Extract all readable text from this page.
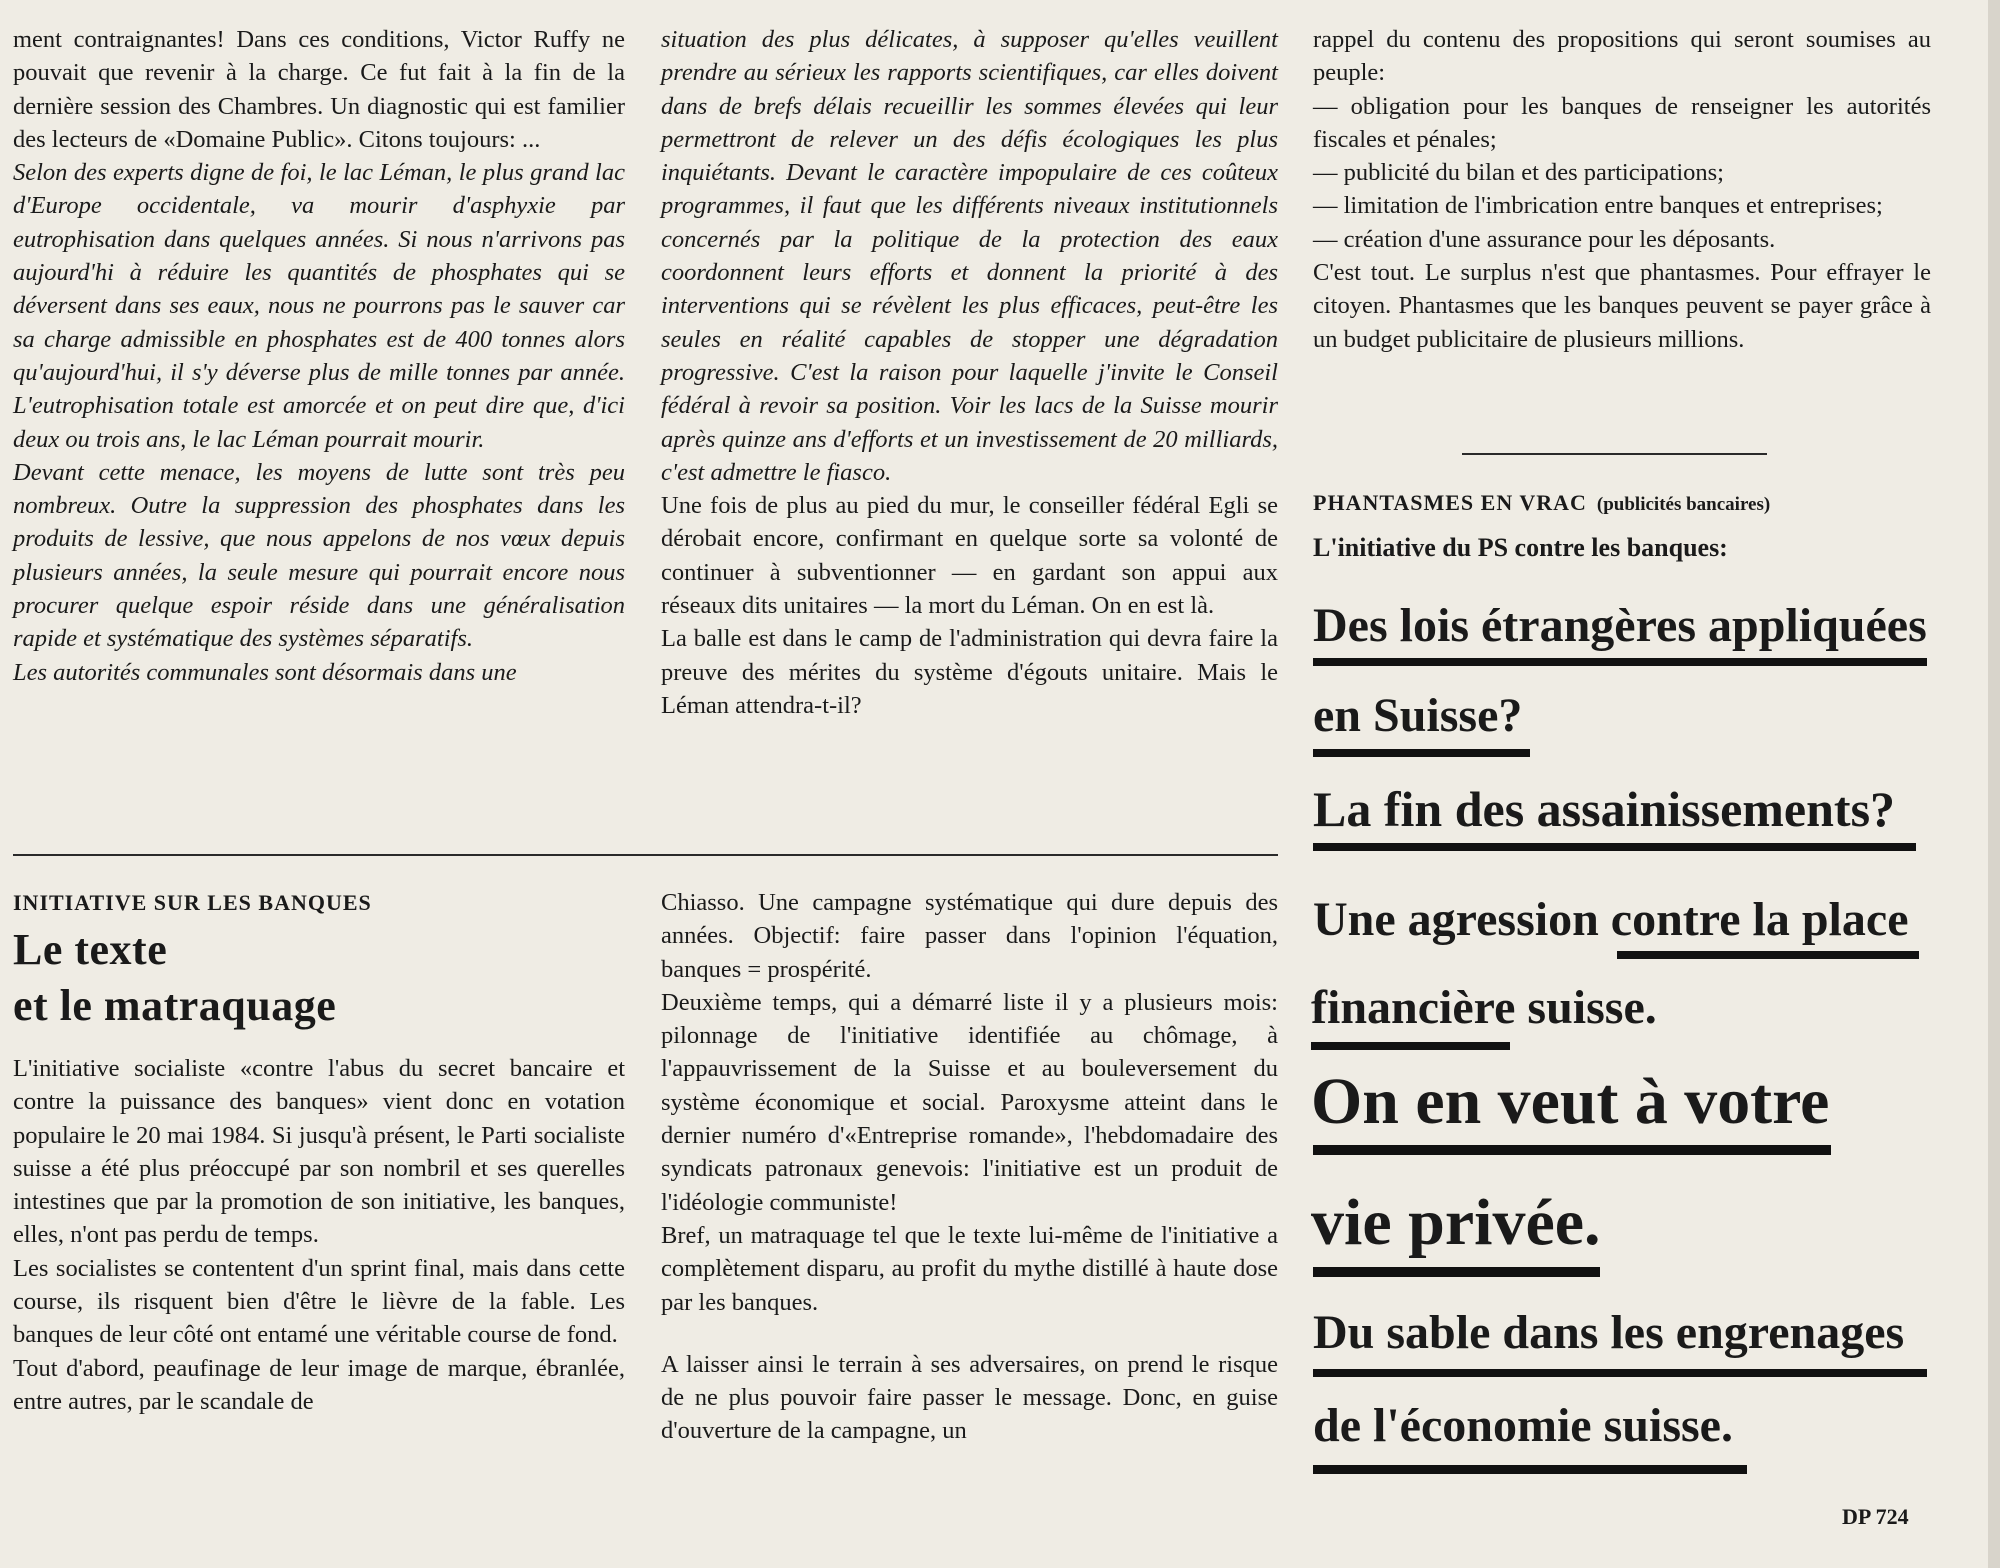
ment contraignantes! Dans ces conditions, Victor Ruffy ne pouvait que revenir à la charge. Ce fut fait à la fin de la dernière session des Chambres. Un diagnostic qui est familier des lecteurs de «Domaine Public». Citons toujours: ...

Selon des experts digne de foi, le lac Léman, le plus grand lac d'Europe occidentale, va mourir d'asphyxie par eutrophisation dans quelques années. Si nous n'arrivons pas aujourd'hi à réduire les quantités de phosphates qui se déversent dans ses eaux, nous ne pourrons pas le sauver car sa charge admissible en phosphates est de 400 tonnes alors qu'aujourd'hui, il s'y déverse plus de mille tonnes par année. L'eutrophisation totale est amorcée et on peut dire que, d'ici deux ou trois ans, le lac Léman pourrait mourir.

Devant cette menace, les moyens de lutte sont très peu nombreux. Outre la suppression des phosphates dans les produits de lessive, que nous appelons de nos vœux depuis plusieurs années, la seule mesure qui pourrait encore nous procurer quelque espoir réside dans une généralisation rapide et systématique des systèmes séparatifs.

Les autorités communales sont désormais dans une

situation des plus délicates, à supposer qu'elles veuillent prendre au sérieux les rapports scientifiques, car elles doivent dans de brefs délais recueillir les sommes élevées qui leur permettront de relever un des défis écologiques les plus inquiétants. Devant le caractère impopulaire de ces coûteux programmes, il faut que les différents niveaux institutionnels concernés par la politique de la protection des eaux coordonnent leurs efforts et donnent la priorité à des interventions qui se révèlent les plus efficaces, peut-être les seules en réalité capables de stopper une dégradation progressive. C'est la raison pour laquelle j'invite le Conseil fédéral à revoir sa position. Voir les lacs de la Suisse mourir après quinze ans d'efforts et un investissement de 20 milliards, c'est admettre le fiasco.

Une fois de plus au pied du mur, le conseiller fédéral Egli se dérobait encore, confirmant en quelque sorte sa volonté de continuer à subventionner — en gardant son appui aux réseaux dits unitaires — la mort du Léman. On en est là.

La balle est dans le camp de l'administration qui devra faire la preuve des mérites du système d'égouts unitaire. Mais le Léman attendra-t-il?

rappel du contenu des propositions qui seront soumises au peuple:

— obligation pour les banques de renseigner les autorités fiscales et pénales;

— publicité du bilan et des participations;

— limitation de l'imbrication entre banques et entreprises;

— création d'une assurance pour les déposants.

C'est tout. Le surplus n'est que phantasmes. Pour effrayer le citoyen. Phantasmes que les banques peuvent se payer grâce à un budget publicitaire de plusieurs millions.

INITIATIVE SUR LES BANQUES
Le texte
et le matraquage

L'initiative socialiste «contre l'abus du secret bancaire et contre la puissance des banques» vient donc en votation populaire le 20 mai 1984. Si jusqu'à présent, le Parti socialiste suisse a été plus préoccupé par son nombril et ses querelles intestines que par la promotion de son initiative, les banques, elles, n'ont pas perdu de temps.

Les socialistes se contentent d'un sprint final, mais dans cette course, ils risquent bien d'être le lièvre de la fable. Les banques de leur côté ont entamé une véritable course de fond.

Tout d'abord, peaufinage de leur image de marque, ébranlée, entre autres, par le scandale de

Chiasso. Une campagne systématique qui dure depuis des années. Objectif: faire passer dans l'opinion l'équation, banques = prospérité.

Deuxième temps, qui a démarré liste il y a plusieurs mois: pilonnage de l'initiative identifiée au chômage, à l'appauvrissement de la Suisse et au bouleversement du système économique et social. Paroxysme atteint dans le dernier numéro d'«Entreprise romande», l'hebdomadaire des syndicats patronaux genevois: l'initiative est un produit de l'idéologie communiste!

Bref, un matraquage tel que le texte lui-même de l'initiative a complètement disparu, au profit du mythe distillé à haute dose par les banques.

A laisser ainsi le terrain à ses adversaires, on prend le risque de ne plus pouvoir faire passer le message. Donc, en guise d'ouverture de la campagne, un

PHANTASMES EN VRAC (publicités bancaires)
L'initiative du PS contre les banques:
Des lois étrangères appliquées
en Suisse?
La fin des assainissements?
Une agression contre la place
financière suisse.
On en veut à votre
vie privée.
Du sable dans les engrenages
de l'économie suisse.
DP 724
